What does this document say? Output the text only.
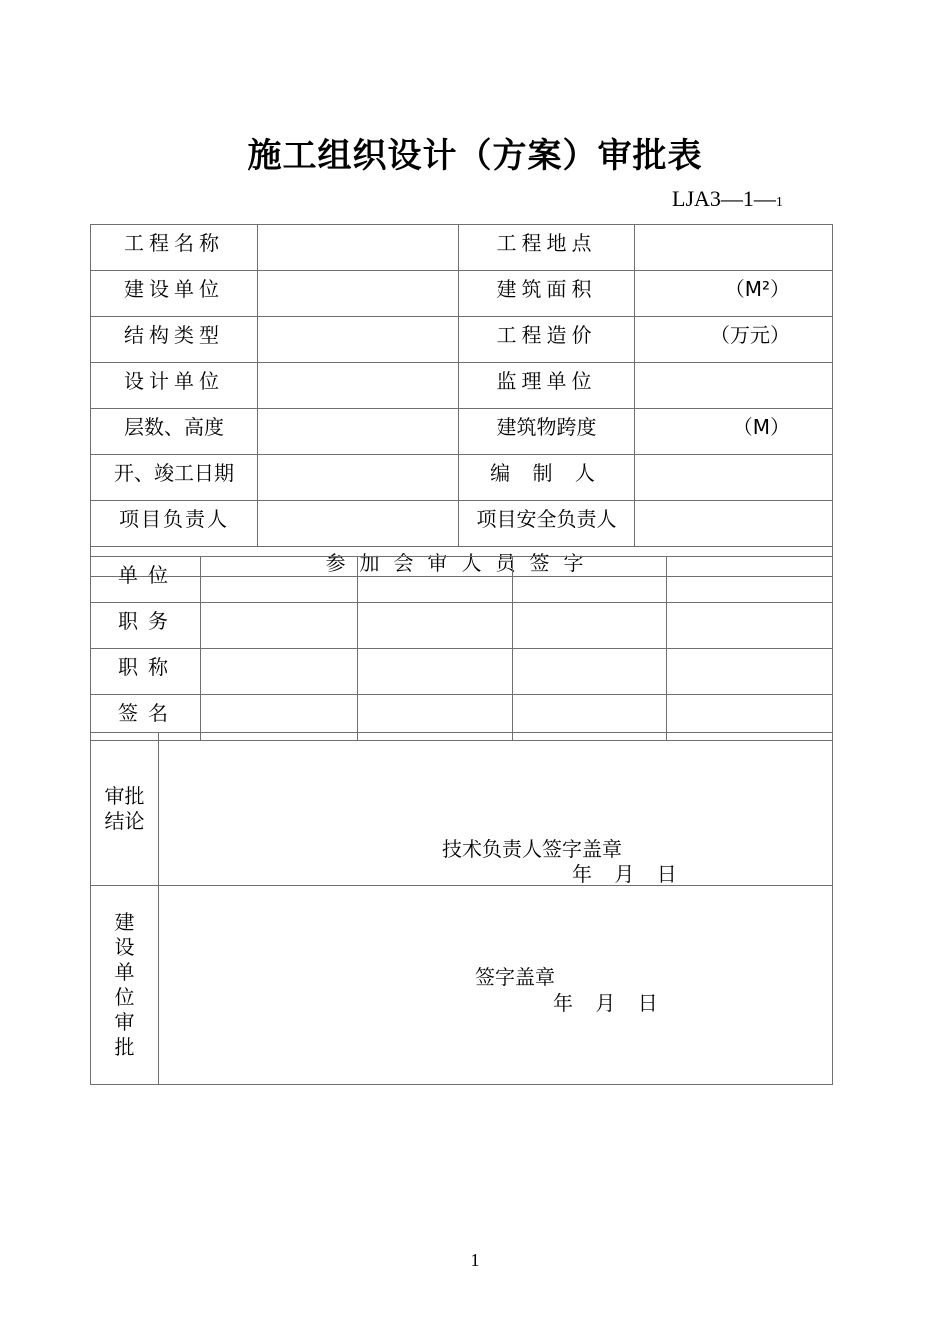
施工组织设计（方案）审批表
LJA3—1—1
工程名称		工程地点	
建设单位		建筑面积	（M²）
结构类型		工程造价	（万元）
设计单位		监理单位	
层数、高度		建筑物跨度	（M）
开、竣工日期		编 制 人	
项目负责人		项目安全负责人	
参加会审人员签字			
单位				
职务				
职称				
签名				
审批结论	技术负责人签字盖章
年 月 日

建设单位审批	签字盖章
年 月 日
1
